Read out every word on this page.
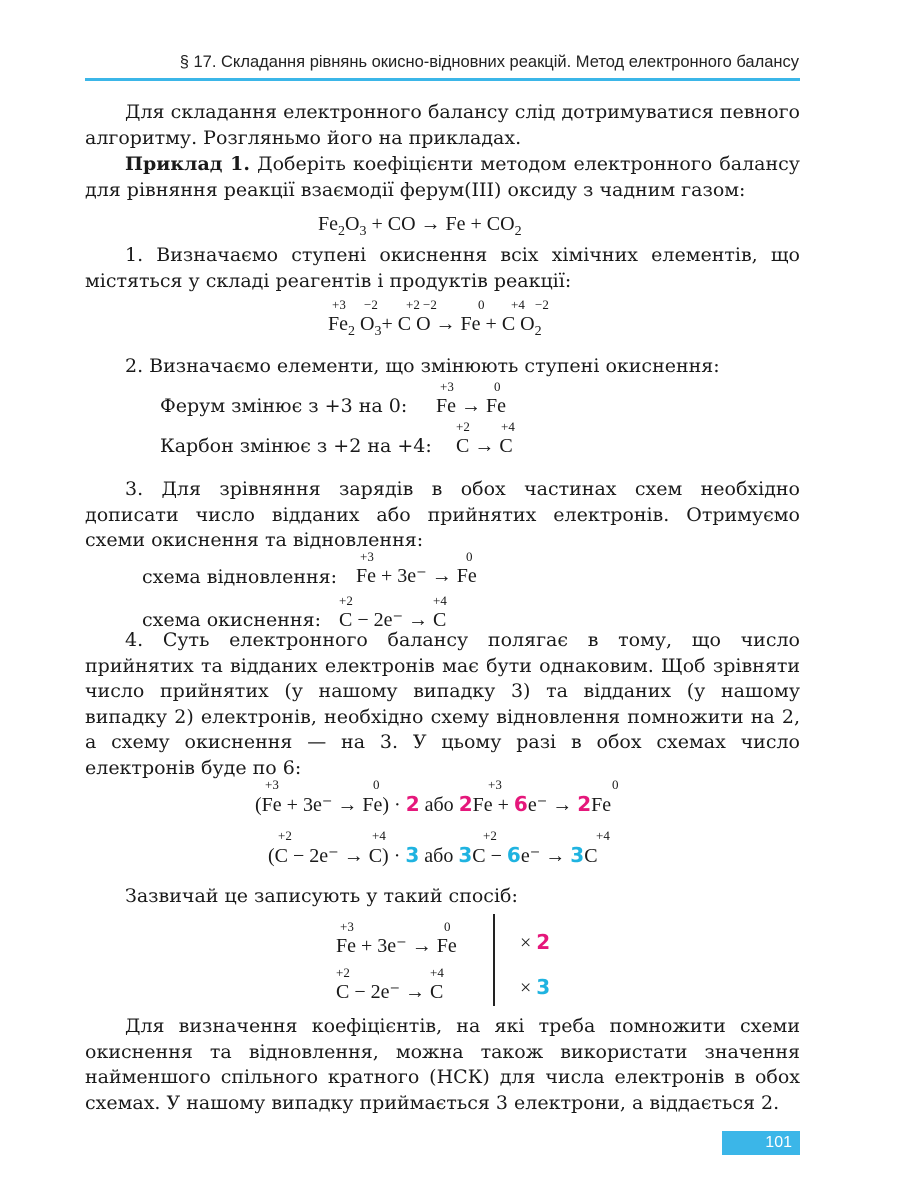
§ 17. Складання рівнянь окисно-відновних реакцій. Метод електронного балансу

Для складання електронного балансу слід дотримуватися певного алгоритму. Розгляньмо його на прикладах.

Приклад 1. Доберіть коефіцієнти методом електронного балансу для рівняння реакції взаємодії ферум(III) оксиду з чадним газом:

$Fe_2O_3$ + CO → $Fe + CO_2$

1. Визначаємо ступені окиснення всіх хімічних елементів, що містяться у складі реагентів і продуктів реакції:

+3 −2 +2 −2	0 +4 −2
$Fe_2$ $O_3+ C$ O → Fe + C $O_2$

2. Визначаємо елементи, що змінюють ступені окиснення:

Ферум змінює з +3 на 0:
+3	0
Fe → Fe
Карбон змінює з +2 на +4:
+2 +4
C → C

3. Для зрівняння зарядів в обох частинах схем необхідно дописати число відданих або прийнятих електронів. Отримуємо схеми окиснення та відновлення:

схема відновлення:
+3	0
Fe + 3e⁻ → Fe
схема окиснення:
+2	+4
C − 2e⁻ → C

4. Суть електронного балансу полягає в тому, що число прийнятих та відданих електронів має бути однаковим. Щоб зрівняти число прийнятих (у нашому випадку 3) та відданих (у нашому випадку 2) електронів, необхідно схему відновлення помножити на 2, а схему окиснення — на 3. У цьому разі в обох схемах число електронів буде по 6:

+3	0	+3	0
(Fe + 3e⁻ → Fe) · 2 або 2Fe + 6e⁻ → 2Fe
+2	+4	+2	+4
(C − 2e⁻ → C) · 3 або 3C − 6e⁻ → 3C

Зазвичай це записують у такий спосіб:

+3	0
Fe + 3e⁻ → Fe	× 2
+2	+4
C − 2e⁻ → C	× 3

Для визначення коефіцієнтів, на які треба помножити схеми окиснення та відновлення, можна також використати значення найменшого спільного кратного (НСК) для числа електронів в обох схемах. У нашому випадку приймається 3 електрони, а віддається 2.

101
